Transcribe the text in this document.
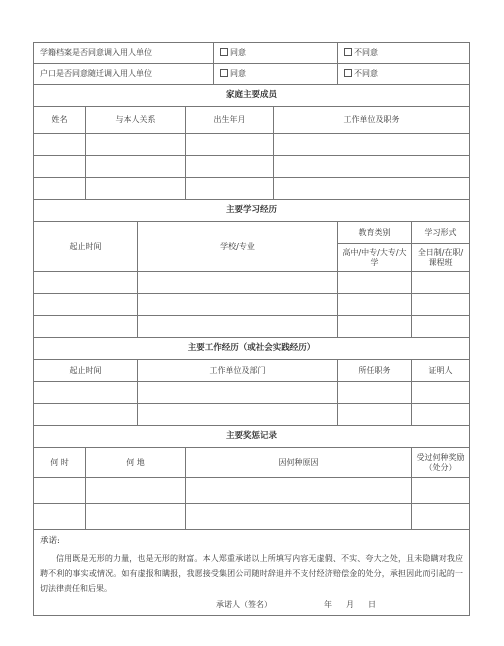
学籍档案是否同意调入用人单位				同意		不同意	
户口是否同意随迁调入用人单位				同意		不同意	
家庭主要成员							
姓名	与本人关系		出生年月		工作单位及职务		

主要学习经历							
起止时间		学校/专业				教育类别	学习形式
						高中/中专/大专/大学	全日制/在职/课程班

主要工作经历（或社会实践经历）							
起止时间		工作单位及部门				所任职务	证明人

主要奖惩记录							
何 时	何 地		因何种原因				受过何种奖励（处分）

承诺:
信用既是无形的力量，也是无形的财富。本人郑重承诺以上所填写内容无虚假、不实、夸大之处，且未隐瞒对我应聘不利的事实或情况。如有虚报和瞒报，我愿接受集团公司随时辞退并不支付经济赔偿金的处分，承担因此而引起的一切法律责任和后果。
承诺人（签名） 年 月 日							
